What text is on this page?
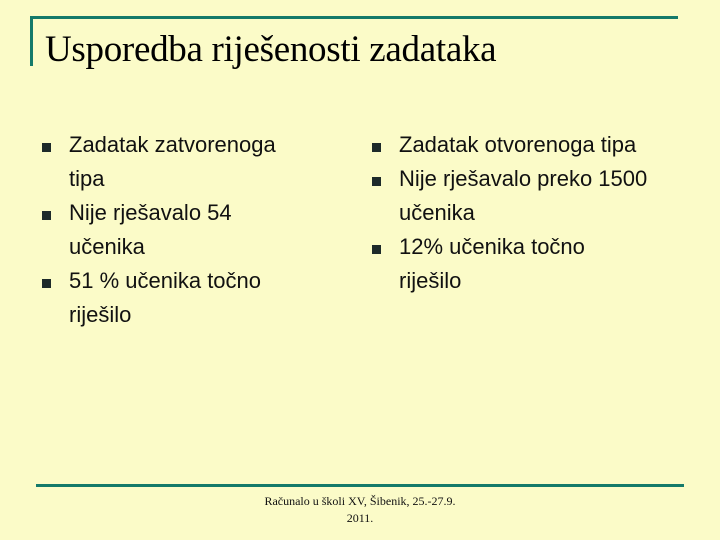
Usporedba riješenosti zadataka
Zadatak zatvorenoga tipa
Nije rješavalo 54 učenika
51 % učenika točno riješilo
Zadatak otvorenoga tipa
Nije rješavalo preko 1500 učenika
12% učenika točno riješilo
Računalo u školi XV, Šibenik, 25.-27.9.
2011.
